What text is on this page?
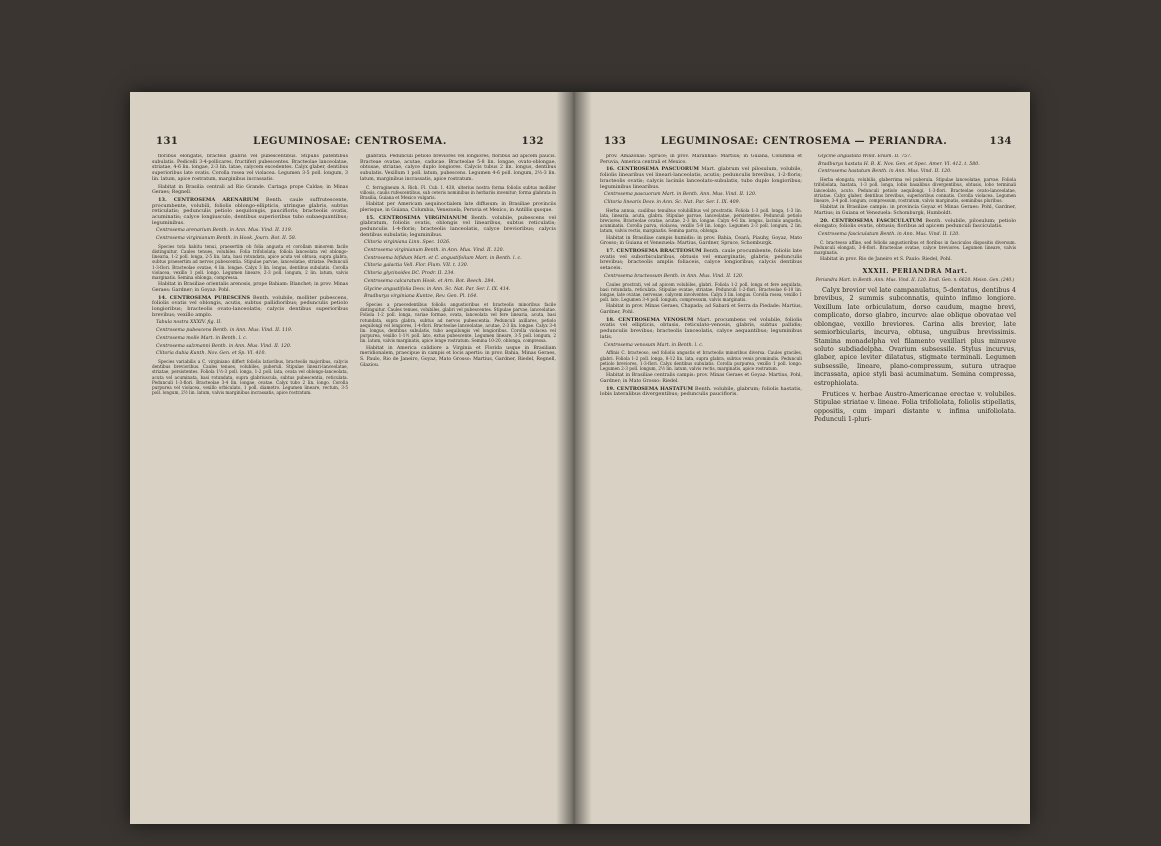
131	LEGUMINOSAE: CENTROSEMA.	132

floribus elongatis, bracteis glabris vel pubescentibus. Stipulis patentibus subulatis. Pedicelli 3-4-pollicares, fructiferi pubescentes. Bracteolae lanceolatae, striatae, 4-6 lin. longae, 2-3 lin. latae, calycem excedentes. Calyx glaber, dentibus superioribus late ovatis. Corolla rosea vel violacea. Legumen 3-5 poll. longum, 3 lin. latum, apice rostratum, marginibus incrassatis.

Habitat in Brasilia centrali ad Rio Grande. Cartaga prope Caldas; in Minas Geraes; Regnell.

13. CENTROSEMA ARENARIUM Benth. caule suffrutescente, procumbente, volubili, foliolis oblongo-ellipticis, utrinque glabris, subtus reticulatis; pedunculis petiolo aequilongis, paucifloris; bracteolis ovatis, acuminatis; calyce longiusculo, dentibus superioribus tubo subaequantibus; leguminibus.

Centrosema arenarium Benth. in Ann. Mus. Vind. II. 119.

Centrosema virginianum Benth. in Hook. Journ. Bot. II. 58.

Species tota habitu tenui, praesertim ob folia angusta et corollam minorem facile distinguitur. Caules tenues, volubiles. Folia trifoliolata; foliola lanceolata vel oblongo-linearia, 1-2 poll. longa, 2-5 lin. lata, basi rotundata, apice acuta vel obtusa, supra glabra, subtus praesertim ad nervos pubescentia. Stipulae parvae, lanceolatae, striatae. Pedunculi 1-3-flori. Bracteolae ovatae, 4 lin. longae. Calyx 3 lin. longus, dentibus subulatis. Corolla violacea, vexillo 1 poll. longo. Legumen lineare, 2-3 poll. longum, 2 lin. latum, valvis marginatis. Semina oblonga, compressa.

Habitat in Brasiliae orientalis arenosis, prope Bahiam: Blanchet; in prov. Minas Geraes: Gardner; in Goyaz: Pohl.

14. CENTROSEMA PUBESCENS Benth. volubile, molliter pubescens, foliolis ovatis vel oblongis, acutis, subtus pallidioribus; pedunculis petiolo longioribus; bracteolis ovato-lanceolatis; calycis dentibus superioribus brevibus; vexillo amplo.

Tabula nostra XXXIV. fig. II.

Centrosema pubescens Benth. in Ann. Mus. Vind. II. 119.

Centrosema molle Mart. in Benth. l. c.

Centrosema salzmanni Benth. in Ann. Mus. Vind. II. 120.

Clitoria dubia Kunth. Nov. Gen. et Sp. VI. 410.

Species variabilis a C. virginiano differt foliolis latioribus, bracteolis majoribus, calycis dentibus brevioribus. Caules tenues, volubiles, puberuli. Stipulae lineari-lanceolatae, striatae, persistentes. Foliola 1½-3 poll. longa, 1-2 poll. lata, ovata vel oblongo-lanceolata, acuta vel acuminata, basi rotundata, supra glabriuscula, subtus pubescentia, reticulata. Pedunculi 1-3-flori. Bracteolae 3-4 lin. longae, ovatae. Calyx tubo 2 lin. longo. Corolla purpurea vel violacea, vexillo orbiculato, 1 poll. diametro. Legumen lineare, rectum, 3-5 poll. longum, 2½ lin. latum, valvis marginibus incrassatis, apice rostratum.

glabrata. Pedunculi petiolo breviores vel longiores, floribus ad apicem paucis. Bracteae ovatae, acutae, caducae. Bracteolae 5-8 lin. longae, ovato-oblongae, obtusae, striatae, calyce duplo longiores. Calycis tubus 2 lin. longus, dentibus subulatis. Vexillum 1 poll. latum, pubescens. Legumen 4-6 poll. longum, 2½-3 lin. latum, marginibus incrassatis, apice rostratum.

C. ferrugineum A. Rich. Fl. Cub. I. 438, ulterius nostra forma foliolis subtus molliter villosis, caulis rufescentibus, sub ceteris nominibus in herbariis invenitur; forma glabrata in Brasilia, Guiana et Mexico vulgaris.

Habitat per Americam aequinoctialem late diffusum: in Brasiliae provinciis plerisque, in Guiana, Columbia, Venezuela, Peruvia et Mexico, in Antillis quoque.

15. CENTROSEMA VIRGINIANUM Benth. volubile, pubescens vel glabratum, foliolis ovatis, oblongis vel linearibus, subtus reticulatis; pedunculis 1-4-floris; bracteolis lanceolatis, calyce brevioribus; calycis dentibus subulatis; leguminibus.

Clitoria virginiana Linn. Spec. 1026.

Centrosema virginianum Benth. in Ann. Mus. Vind. II. 120.

Centrosema bifidum Mart. et C. angustifolium Mart. in Benth. l. c.

Clitoria galactia Vell. Flor. Flum. VII. t. 130.

Clitoria glycinoides DC. Prodr. II. 234.

Centrosema calcaratum Hook. et Arn. Bot. Beech. 284.

Glycine angustifolia Desv. in Ann. Sc. Nat. Par. Ser. I. IX. 414.

Bradburya virginiana Kuntze, Rev. Gen. Pl. 164.

Species a praecedentibus foliolis angustioribus et bracteolis minoribus facile distinguitur. Caules tenues, volubiles, glabri vel pubescentes. Stipulae parvae, lanceolatae. Foliola 1-2 poll. longa, variae formae, ovata, lanceolata vel fere linearia, acuta, basi rotundata, supra glabra, subtus ad nervos pubescentia. Pedunculi axillares, petiolo aequilongi vel longiores, 1-4-flori. Bracteolae lanceolatae, acutae, 2-3 lin. longae. Calyx 3-4 lin. longus, dentibus subulatis, tubo aequilongis vel longioribus. Corolla violacea vel purpurea, vexillo 1-1½ poll. lato, extus pubescente. Legumen lineare, 3-5 poll. longum, 2 lin. latum, valvis marginatis, apice longe rostratum. Semina 10-20, oblonga, compressa.

Habitat in America calidiore a Virginia et Florida usque in Brasiliam meridionalem, praecipue in campis et locis apertis: in prov. Bahia, Minas Geraes, S. Paulo, Rio de Janeiro, Goyaz, Mato Grosso: Martius, Gardner, Riedel, Regnell, Glaziou.

133	LEGUMINOSAE: CENTROSEMA — PERIANDRA.	134

prov. Amazonas: Spruce; in prov. Maranhão: Martius; in Guiana, Columbia et Peruvia, America centrali et Mexico.

16. CENTROSEMA PASCUORUM Mart. glabrum vel pilosulum, volubile, foliolis linearibus vel lineari-lanceolatis, acutis; pedunculis brevibus, 1-2-floris; bracteolis ovatis; calycis laciniis lanceolato-subulatis, tubo duplo longioribus; leguminibus linearibus.

Centrosema pascuorum Mart. in Benth. Ann. Mus. Vind. II. 120.

Clitoria linearis Desv. in Ann. Sc. Nat. Par. Ser. I. IX. 409.

Herba annua, caulibus tenuibus volubilibus vel prostratis. Foliola 1-3 poll. longa, 1-3 lin. lata, linearia, acuta, glabra. Stipulae parvae, lanceolatae, persistentes. Pedunculi petiolo breviores. Bracteolae ovatae, acutae, 2-3 lin. longae. Calyx 4-6 lin. longus, laciniis angustis, acuminatis. Corolla parva, violacea, vexillo 5-8 lin. longo. Legumen 2-3 poll. longum, 2 lin. latum, valvis rectis, marginatis. Semina parva, oblonga.

Habitat in Brasiliae campis humidis: in prov. Bahia, Ceará, Piauhy, Goyaz, Mato Grosso; in Guiana et Venezuela: Martius, Gardner, Spruce, Schomburgk.

17. CENTROSEMA BRACTEOSUM Benth. caule procumbente, foliolis late ovatis vel suborbicularibus, obtusis vel emarginatis, glabris; pedunculis brevibus; bracteolis amplis foliaceis, calyce longioribus; calycis dentibus setaceis.

Centrosema bracteosum Benth. in Ann. Mus. Vind. II. 120.

Caules prostrati, vel ad apicem volubiles, glabri. Foliola 1-2 poll. longa et fere aequilata, basi rotundata, reticulata. Stipulae ovatae, striatae. Pedunculi 1-2-flori. Bracteolae 6-10 lin. longae, late ovatae, nervosae, calycem involventes. Calyx 3 lin. longus. Corolla rosea, vexillo 1 poll. lato. Legumen 3-4 poll. longum, compressum, valvis marginatis.

Habitat in prov. Minas Geraes, Chapada; ad Sabará et Serra da Piedade: Martius, Gardner, Pohl.

18. CENTROSEMA VENOSUM Mart. procumbens vel volubile, foliolis ovatis vel ellipticis, obtusis, reticulato-venosis, glabris, subtus pallidis; pedunculis brevibus; bracteolis lanceolatis, calyce aequantibus; leguminibus latis.

Centrosema venosum Mart. in Benth. l. c.

Affinis C. bracteoso, sed foliolis angustis et bracteolis minoribus diversa. Caules graciles, glabri. Foliola 1-2 poll. longa, 8-12 lin. lata, supra glabra, subtus venis prominulis. Pedunculi petiolo breviores, 1-3-flori. Calyx dentibus subulatis. Corolla purpurea, vexillo 1 poll. longo. Legumen 2-3 poll. longum, 2½ lin. latum, valvis rectis, marginatis, apice rostratum.

Habitat in Brasiliae centralis campis: prov. Minas Geraes et Goyaz: Martius, Pohl, Gardner; in Mato Grosso: Riedel.

19. CENTROSEMA HASTATUM Benth. volubile, glabrum; foliolis hastatis, lobis lateralibus divergentibus; pedunculis paucifloris.

Glycine angustata Willd. Enum. II. 757.

Bradburya hastata H. B. K. Nov. Gen. et Spec. Amer. VI. 412. t. 580.

Centrosema hastatum Benth. in Ann. Mus. Vind. II. 120.

Herba elongata, volubilis, glaberrima vel puberula. Stipulae lanceolatae, parvae. Foliola trifoliolata, hastata, 1-3 poll. longa, lobis basalibus divergentibus, obtusis, lobo terminali lanceolato, acuto. Pedunculi petiolo aequilongi, 1-3-flori. Bracteolae ovato-lanceolatae, striatae. Calyx glaber, dentibus brevibus, superioribus connatis. Corolla violacea. Legumen lineare, 3-4 poll. longum, compressum, rostratum, valvis marginatis, seminibus pluribus.

Habitat in Brasiliae campis: in provincia Goyaz et Minas Geraes: Pohl, Gardner, Martius; in Guiana et Venezuela: Schomburgk, Humboldt.

20. CENTROSEMA FASCICULATUM Benth. volubile, pilosulum; petiolo elongato; foliolis ovatis, obtusis; floribus ad apicem pedunculi fasciculatis.

Centrosema fasciculatum Benth. in Ann. Mus. Vind. II. 120.

C. bracteoso affine, sed foliolis angustioribus et floribus in fasciculos dispositis diversum. Pedunculi elongati, 3-8-flori. Bracteolae ovatae, calyce breviores. Legumen lineare, valvis marginatis.

Habitat in prov. Rio de Janeiro et S. Paulo: Riedel, Pohl.

XXXII. PERIANDRA Mart.
Periandra Mart. in Benth. Ann. Mus. Vind. II. 120. Endl. Gen. n. 6620. Meisn. Gen. (240.)

Calyx brevior vel late campanulatus, 5-dentatus, dentibus 4 brevibus, 2 summis subconnatis, quinto infimo longiore. Vexillum late orbiculatum, dorso caudum, magne brevi, complicato, dorso glabro, incurvo: alae oblique obovatae vel oblongae, vexillo breviores. Carina alis brevior, late semiorbicularis, incurva, obtusa, unguibus brevissimis. Stamina monadelpha vel filamento vexillari plus minusve soluto subdiadelpha. Ovarium subsessile. Stylus incurvus, glaber, apice leviter dilatatus, stigmate terminali. Legumen subsessile, lineare, plano-compressum, sutura utraque incrassata, apice styli basi acuminatum. Semina compressa, estrophiolata.

Frutices v. herbae Austro-Americanae erectae v. volubiles. Stipulae striatae v. lineae. Folia trifoliolata, foliolis stipellatis, oppositis, cum impari distante v. infima unifoliolata. Pedunculi 1-pluri-
